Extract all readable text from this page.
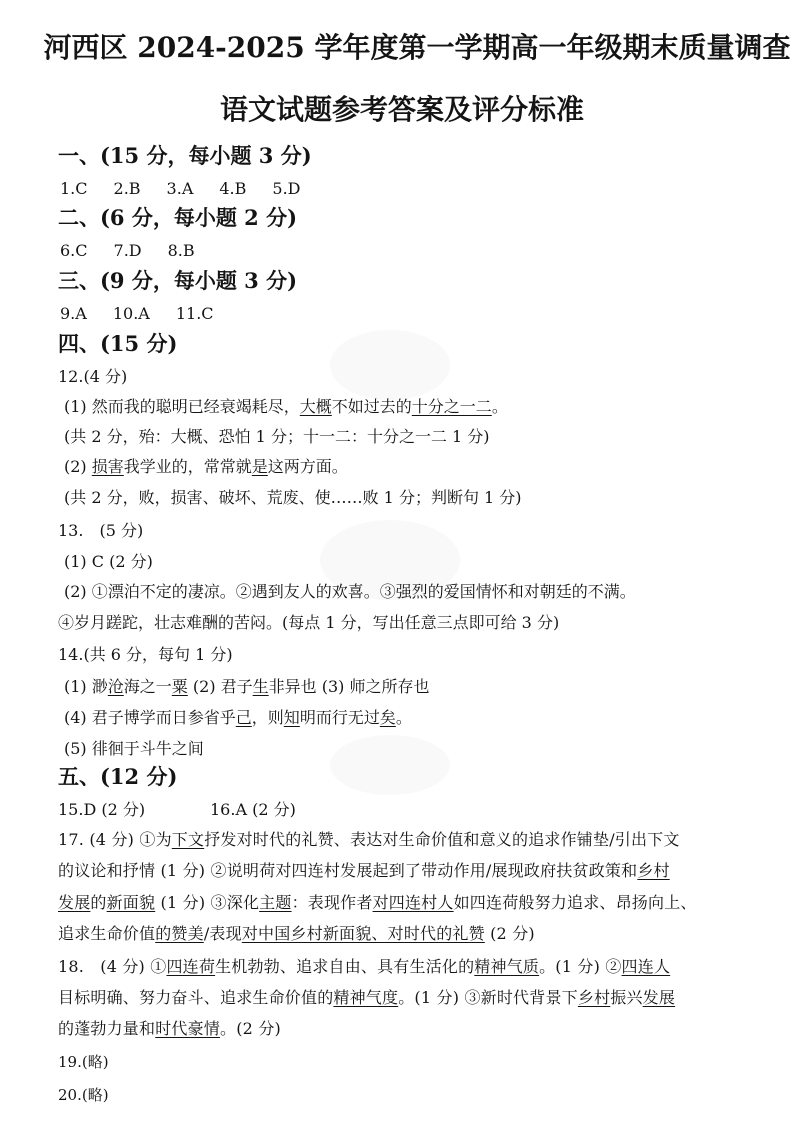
河西区 2024-2025 学年度第一学期高一年级期末质量调查
语文试题参考答案及评分标准
一、(15 分，每小题 3 分)
1.C 2.B 3.A 4.B 5.D
二、(6 分，每小题 2 分)
6.C 7.D 8.B
三、(9 分，每小题 3 分)
9.A 10.A 11.C
四、(15 分)
12.(4 分)
(1) 然而我的聪明已经衰竭耗尽，大概不如过去的十分之一二。
(共 2 分，殆：大概、恐怕 1 分；十一二：十分之一二 1 分)
(2) 损害我学业的，常常就是这两方面。
(共 2 分，败，损害、破坏、荒废、使……败 1 分；判断句 1 分)
13.　(5 分)
(1) C (2 分)
(2) ①漂泊不定的凄凉。②遇到友人的欢喜。③强烈的爱国情怀和对朝廷的不满。
④岁月蹉跎，壮志难酬的苦闷。(每点 1 分，写出任意三点即可给 3 分)
14.(共 6 分，每句 1 分)
(1) 渺沧海之一粟 (2) 君子生非异也 (3) 师之所存也
(4) 君子博学而日参省乎己，则知明而行无过矣。
(5) 徘徊于斗牛之间
五、(12 分)
15.D (2 分)	16.A (2 分)
17. (4 分) ①为下文抒发对时代的礼赞、表达对生命价值和意义的追求作铺垫/引出下文
的议论和抒情 (1 分) ②说明荷对四连村发展起到了带动作用/展现政府扶贫政策和乡村
发展的新面貌 (1 分) ③深化主题：表现作者对四连村人如四连荷般努力追求、昂扬向上、
追求生命价值的赞美/表现对中国乡村新面貌、对时代的礼赞 (2 分)
18.　(4 分) ①四连荷生机勃勃、追求自由、具有生活化的精神气质。(1 分) ②四连人
目标明确、努力奋斗、追求生命价值的精神气度。(1 分) ③新时代背景下乡村振兴发展
的蓬勃力量和时代豪情。(2 分)
19.(略)
20.(略)
